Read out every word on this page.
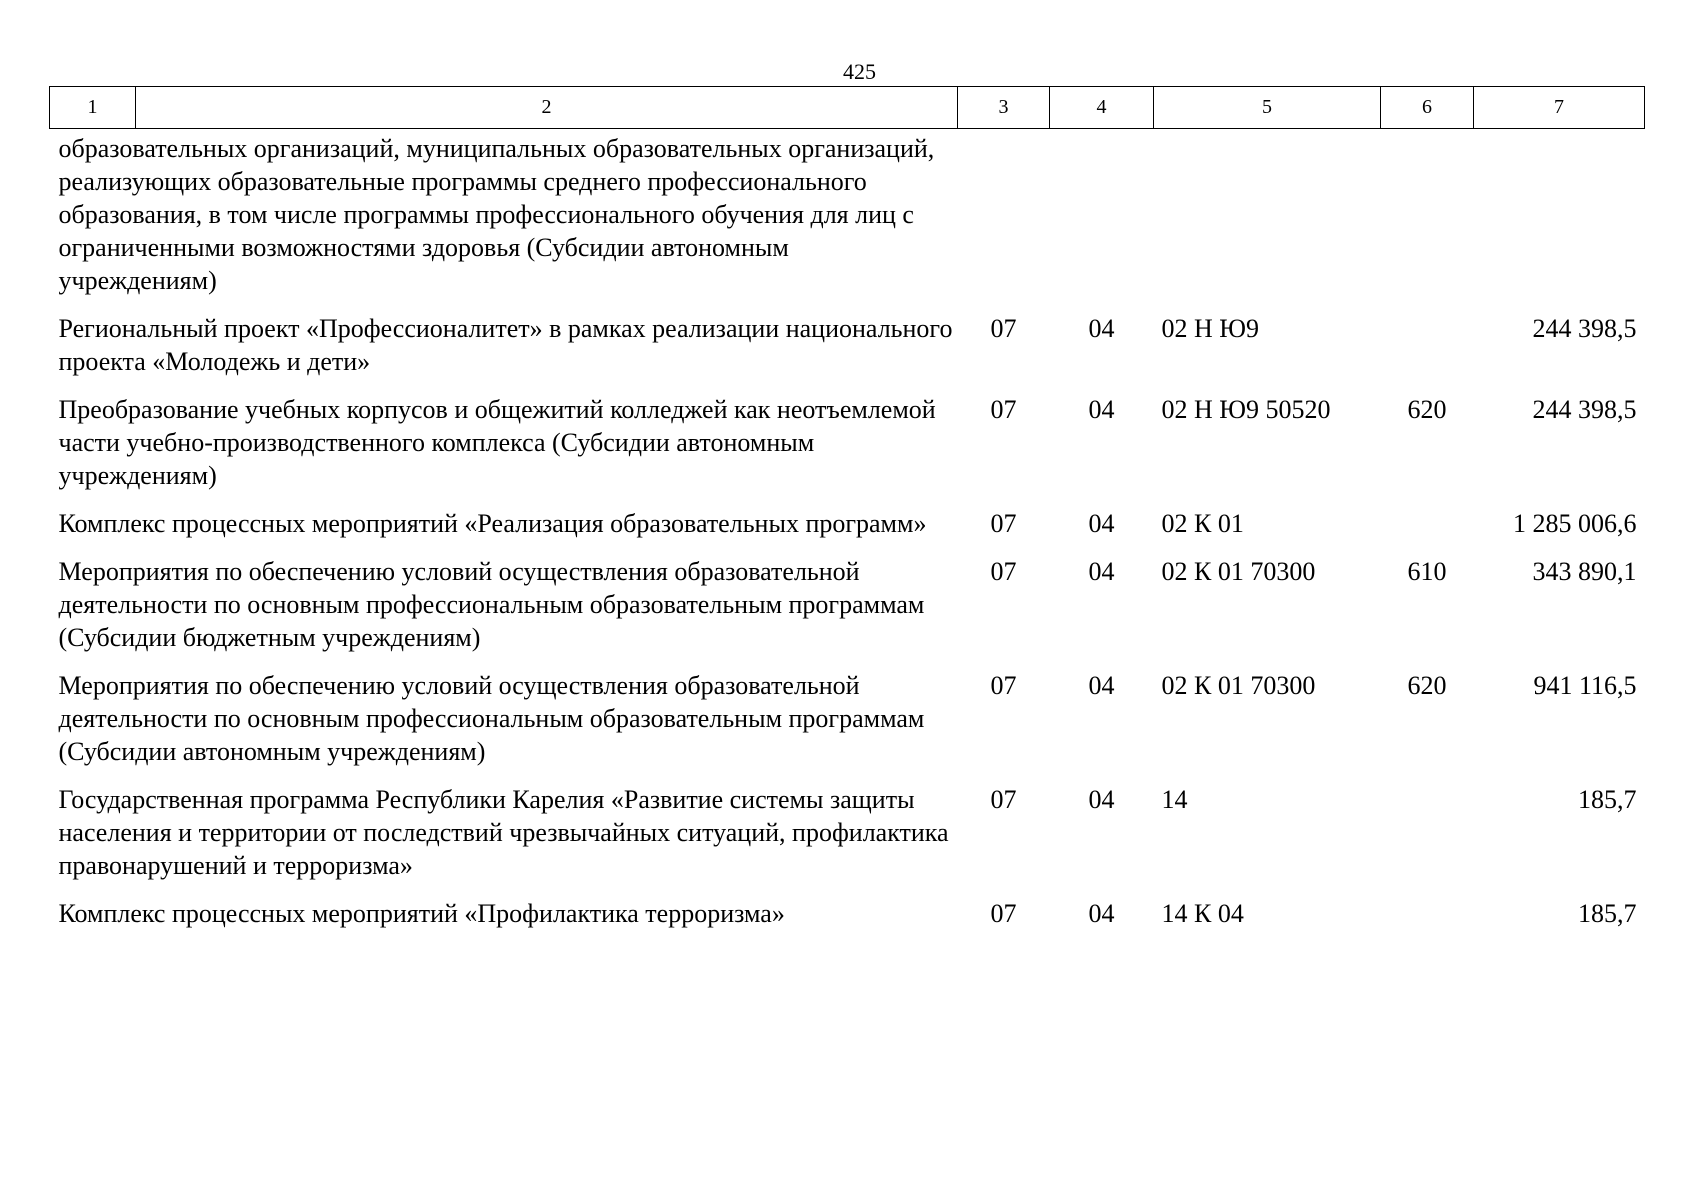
425
1	2	3	4	5	6	7
образовательных организаций, муниципальных образовательных организаций, реализующих образовательные программы среднего профессионального образования, в том числе программы профессионального обучения для лиц с ограниченными возможностями здоровья (Субсидии автономным учреждениям)						
Региональный проект «Профессионалитет» в рамках реализации национального проекта «Молодежь и дети»		07	04	02 Н Ю9		244 398,5
Преобразование учебных корпусов и общежитий колледжей как неотъемлемой части учебно-производственного комплекса (Субсидии автономным учреждениям)		07	04	02 Н Ю9 50520	620	244 398,5
Комплекс процессных мероприятий «Реализация образовательных программ»		07	04	02 К 01		1 285 006,6
Мероприятия по обеспечению условий осуществления образовательной деятельности по основным профессиональным образовательным программам (Субсидии бюджетным учреждениям)		07	04	02 К 01 70300	610	343 890,1
Мероприятия по обеспечению условий осуществления образовательной деятельности по основным профессиональным образовательным программам (Субсидии автономным учреждениям)		07	04	02 К 01 70300	620	941 116,5
Государственная программа Республики Карелия «Развитие системы защиты населения и территории от последствий чрезвычайных ситуаций, профилактика правонарушений и терроризма»		07	04	14		185,7
Комплекс процессных мероприятий «Профилактика терроризма»		07	04	14 К 04		185,7
